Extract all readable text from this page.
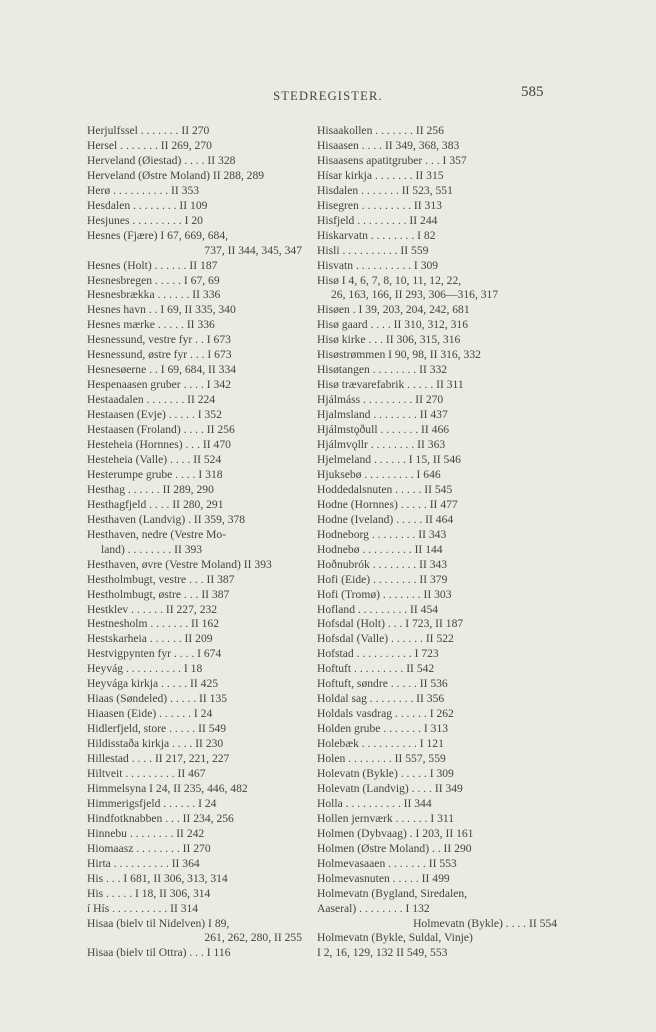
STEDREGISTER.	585
Herjulfssel . . . . . . . II 270
Hersel . . . . . . . II 269, 270
Herveland (Øiestad) . . . . II 328
Herveland (Østre Moland) II 288, 289
Herø . . . . . . . . . . II 353
Hesdalen . . . . . . . . II 109
Hesjunes . . . . . . . . . I 20
Hesnes (Fjære) I 67, 669, 684,
737, II 344, 345, 347
Hesnes (Holt) . . . . . . II 187
Hesnesbregen . . . . . I 67, 69
Hesnesbrækka . . . . . . II 336
Hesnes havn . . I 69, II 335, 340
Hesnes mærke . . . . . II 336
Hesnessund, vestre fyr . . I 673
Hesnessund, østre fyr . . . I 673
Hesnesøerne . . I 69, 684, II 334
Hespenaasen gruber . . . . I 342
Hestaadalen . . . . . . . II 224
Hestaasen (Evje) . . . . . I 352
Hestaasen (Froland) . . . . II 256
Hesteheia (Hornnes) . . . II 470
Hesteheia (Valle) . . . . II 524
Hesterumpe grube . . . . I 318
Hesthag . . . . . . II 289, 290
Hesthagfjeld . . . . II 280, 291
Hesthaven (Landvig) . II 359, 378
Hesthaven, nedre (Vestre Mo-
land) . . . . . . . . II 393
Hesthaven, øvre (Vestre Moland) II 393
Hestholmbugt, vestre . . . II 387
Hestholmbugt, østre . . . II 387
Hestklev . . . . . . II 227, 232
Hestnesholm . . . . . . . II 162
Hestskarheia . . . . . . II 209
Hestvigpynten fyr . . . . I 674
Heyvág . . . . . . . . . . I 18
Heyvága kirkja . . . . . II 425
Hiaas (Søndeled) . . . . . II 135
Hiaasen (Eide) . . . . . . I 24
Hidlerfjeld, store . . . . . II 549
Hildisstaða kirkja . . . . II 230
Hillestad . . . . II 217, 221, 227
Hiltveit . . . . . . . . . II 467
Himmelsyna I 24, II 235, 446, 482
Himmerigsfjeld . . . . . . I 24
Hindfotknabben . . . II 234, 256
Hinnebu . . . . . . . . II 242
Hiomaasz . . . . . . . . II 270
Hirta . . . . . . . . . . II 364
His . . . I 681, II 306, 313, 314
His . . . . . I 18, II 306, 314
í Hís . . . . . . . . . . II 314
Hisaa (bielv til Nidelven) I 89,
261, 262, 280, II 255
Hisaa (bielv til Ottra) . . . I 116
Hisaakollen . . . . . . . II 256
Hisaasen . . . . II 349, 368, 383
Hisaasens apatitgruber . . . I 357
Hísar kirkja . . . . . . . II 315
Hisdalen . . . . . . . II 523, 551
Hisegren . . . . . . . . . II 313
Hisfjeld . . . . . . . . . II 244
Hiskarvatn . . . . . . . . I 82
Hisli . . . . . . . . . . II 559
Hisvatn . . . . . . . . . . I 309
Hisø I 4, 6, 7, 8, 10, 11, 12, 22,
26, 163, 166, II 293, 306—316, 317
Hisøen . I 39, 203, 204, 242, 681
Hisø gaard . . . . II 310, 312, 316
Hisø kirke . . . II 306, 315, 316
Hisøstrømmen I 90, 98, II 316, 332
Hisøtangen . . . . . . . . II 332
Hisø trævarefabrik . . . . . II 311
Hjálmáss . . . . . . . . . II 270
Hjalmsland . . . . . . . . II 437
Hjálmstǫðull . . . . . . . II 466
Hjálmvǫllr . . . . . . . . II 363
Hjelmeland . . . . . . I 15, II 546
Hjuksebø . . . . . . . . . I 646
Hoddedalsnuten . . . . . II 545
Hodne (Hornnes) . . . . . II 477
Hodne (Iveland) . . . . . II 464
Hodneborg . . . . . . . . II 343
Hodnebø . . . . . . . . . II 144
Hoðnubrók . . . . . . . . II 343
Hofi (Eide) . . . . . . . . II 379
Hofi (Tromø) . . . . . . . II 303
Hofland . . . . . . . . . II 454
Hofsdal (Holt) . . . I 723, II 187
Hofsdal (Valle) . . . . . . II 522
Hofstad . . . . . . . . . . I 723
Hoftuft . . . . . . . . . II 542
Hoftuft, søndre . . . . . II 536
Holdal sag . . . . . . . . II 356
Holdals vasdrag . . . . . . I 262
Holden grube . . . . . . . I 313
Holebæk . . . . . . . . . . I 121
Holen . . . . . . . . II 557, 559
Holevatn (Bykle) . . . . . I 309
Holevatn (Landvig) . . . . II 349
Holla . . . . . . . . . . II 344
Hollen jernværk . . . . . . I 311
Holmen (Dybvaag) . I 203, II 161
Holmen (Østre Moland) . . II 290
Holmevasaaen . . . . . . . II 553
Holmevasnuten . . . . . II 499
Holmevatn (Bygland, Siredalen,
Aaseral) . . . . . . . . I 132
Holmevatn (Bykle) . . . . II 554
Holmevatn (Bykle, Suldal, Vinje)
I 2, 16, 129, 132 II 549, 553
